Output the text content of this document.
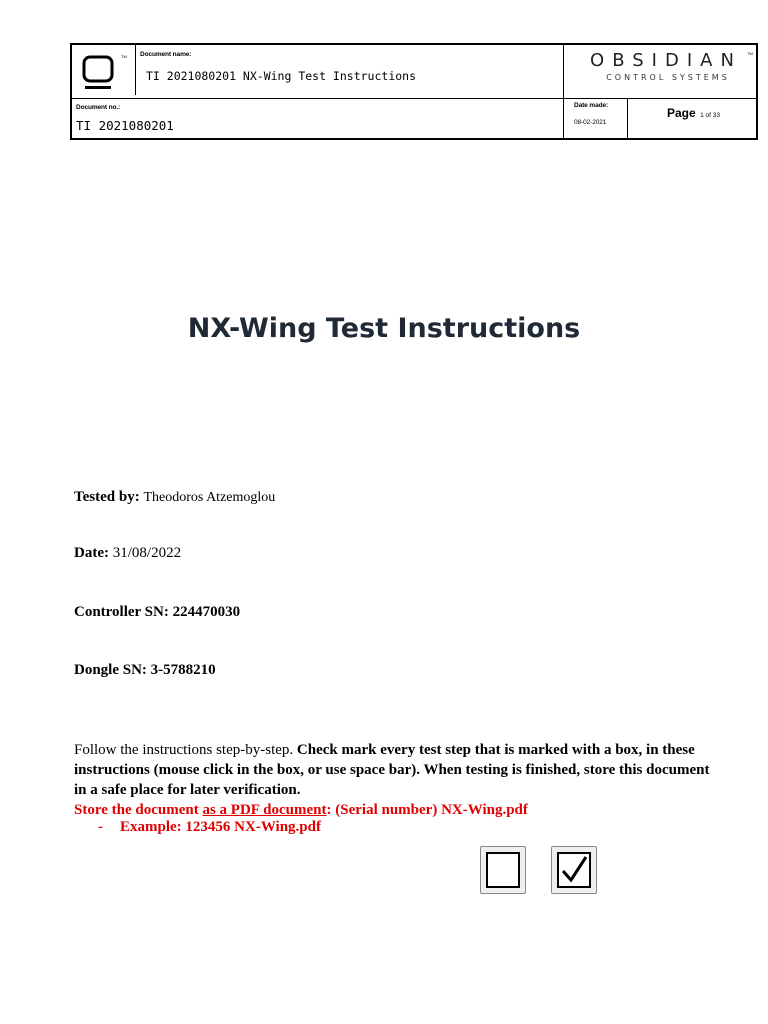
TM Document name:
TI 2021080201 NX-Wing Test Instructions
OBSIDIAN	TM
CONTROL SYSTEMS
Document no.:
TI 2021080201
Date made:
08-02-2021
Page 1 of 33
NX-Wing Test Instructions
Tested by: Theodoros Atzemoglou
Date: 31/08/2022
Controller SN: 224470030
Dongle SN: 3-5788210
Follow the instructions step-by-step. Check mark every test step that is marked with a box, in these instructions (mouse click in the box, or use space bar). When testing is finished, store this document in a safe place for later verification.
Store the document as a PDF document: (Serial number) NX-Wing.pdf
- Example: 123456 NX-Wing.pdf
